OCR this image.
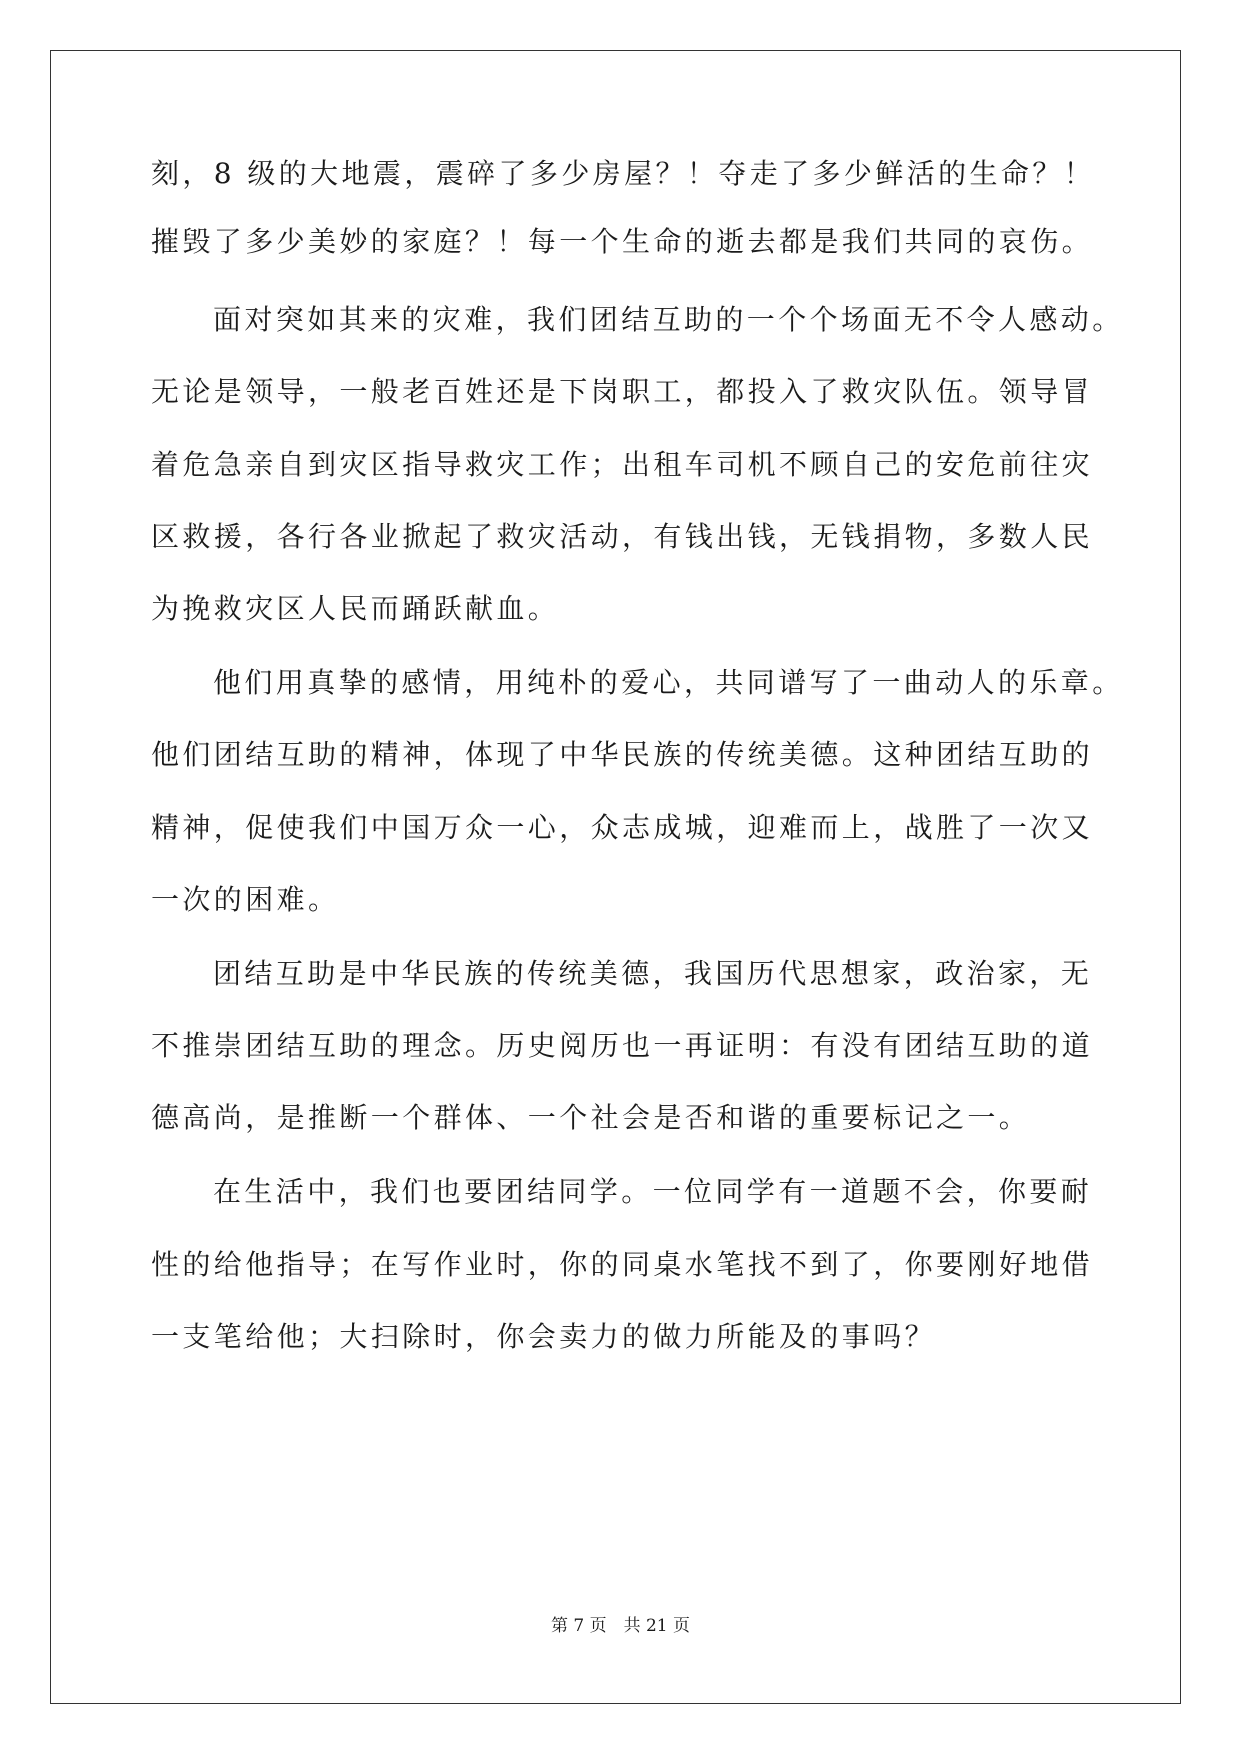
刻，8 级的大地震，震碎了多少房屋？！夺走了多少鲜活的生命？！
摧毁了多少美妙的家庭？！每一个生命的逝去都是我们共同的哀伤。
面对突如其来的灾难，我们团结互助的一个个场面无不令人感动。
无论是领导，一般老百姓还是下岗职工，都投入了救灾队伍。领导冒
着危急亲自到灾区指导救灾工作；出租车司机不顾自己的安危前往灾
区救援，各行各业掀起了救灾活动，有钱出钱，无钱捐物，多数人民
为挽救灾区人民而踊跃献血。
他们用真挚的感情，用纯朴的爱心，共同谱写了一曲动人的乐章。
他们团结互助的精神，体现了中华民族的传统美德。这种团结互助的
精神，促使我们中国万众一心，众志成城，迎难而上，战胜了一次又
一次的困难。
团结互助是中华民族的传统美德，我国历代思想家，政治家，无
不推崇团结互助的理念。历史阅历也一再证明：有没有团结互助的道
德高尚，是推断一个群体、一个社会是否和谐的重要标记之一。
在生活中，我们也要团结同学。一位同学有一道题不会，你要耐
性的给他指导；在写作业时，你的同桌水笔找不到了，你要刚好地借
一支笔给他；大扫除时，你会卖力的做力所能及的事吗？
第 7 页　共 21 页
